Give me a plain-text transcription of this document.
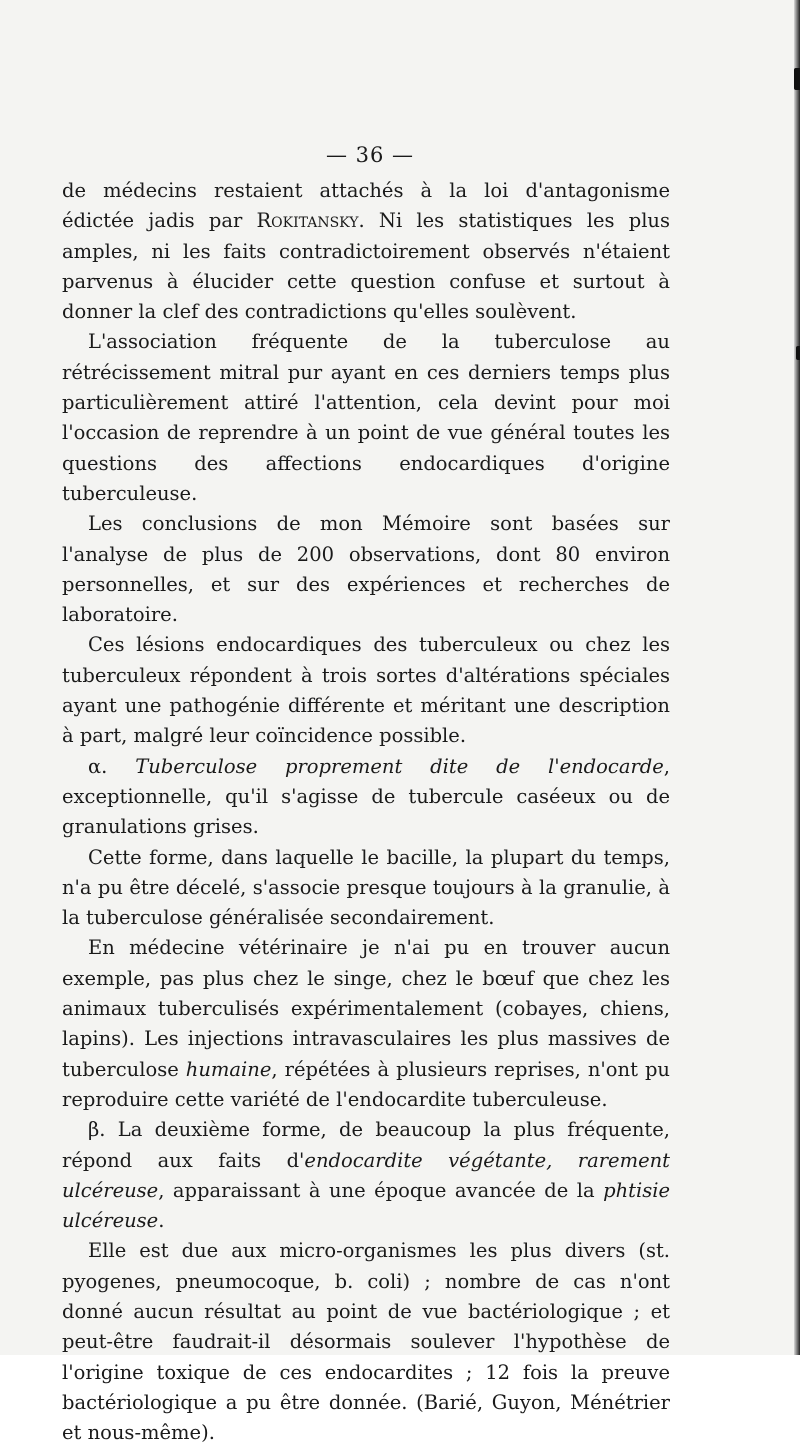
— 36 —

de médecins restaient attachés à la loi d'antagonisme édictée jadis par Rokitansky. Ni les statistiques les plus amples, ni les faits contradictoirement observés n'étaient parvenus à élucider cette question confuse et surtout à donner la clef des contradictions qu'elles soulèvent.

L'association fréquente de la tuberculose au rétrécissement mitral pur ayant en ces derniers temps plus particulièrement attiré l'attention, cela devint pour moi l'occasion de reprendre à un point de vue général toutes les questions des affections endocardiques d'origine tuberculeuse.

Les conclusions de mon Mémoire sont basées sur l'analyse de plus de 200 observations, dont 80 environ personnelles, et sur des expériences et recherches de laboratoire.

Ces lésions endocardiques des tuberculeux ou chez les tuberculeux répondent à trois sortes d'altérations spéciales ayant une pathogénie différente et méritant une description à part, malgré leur coïncidence possible.

α. Tuberculose proprement dite de l'endocarde, exceptionnelle, qu'il s'agisse de tubercule caséeux ou de granulations grises.

Cette forme, dans laquelle le bacille, la plupart du temps, n'a pu être décelé, s'associe presque toujours à la granulie, à la tuberculose généralisée secondairement.

En médecine vétérinaire je n'ai pu en trouver aucun exemple, pas plus chez le singe, chez le bœuf que chez les animaux tuberculisés expérimentalement (cobayes, chiens, lapins). Les injections intravasculaires les plus massives de tuberculose humaine, répétées à plusieurs reprises, n'ont pu reproduire cette variété de l'endocardite tuberculeuse.

β. La deuxième forme, de beaucoup la plus fréquente, répond aux faits d'endocardite végétante, rarement ulcéreuse, apparaissant à une époque avancée de la phtisie ulcéreuse.

Elle est due aux micro-organismes les plus divers (st. pyogenes, pneumocoque, b. coli) ; nombre de cas n'ont donné aucun résultat au point de vue bactériologique ; et peut-être faudrait-il désormais soulever l'hypothèse de l'origine toxique de ces endocardites ; 12 fois la preuve bactériologique a pu être donnée. (Barié, Guyon, Ménétrier et nous-même).
